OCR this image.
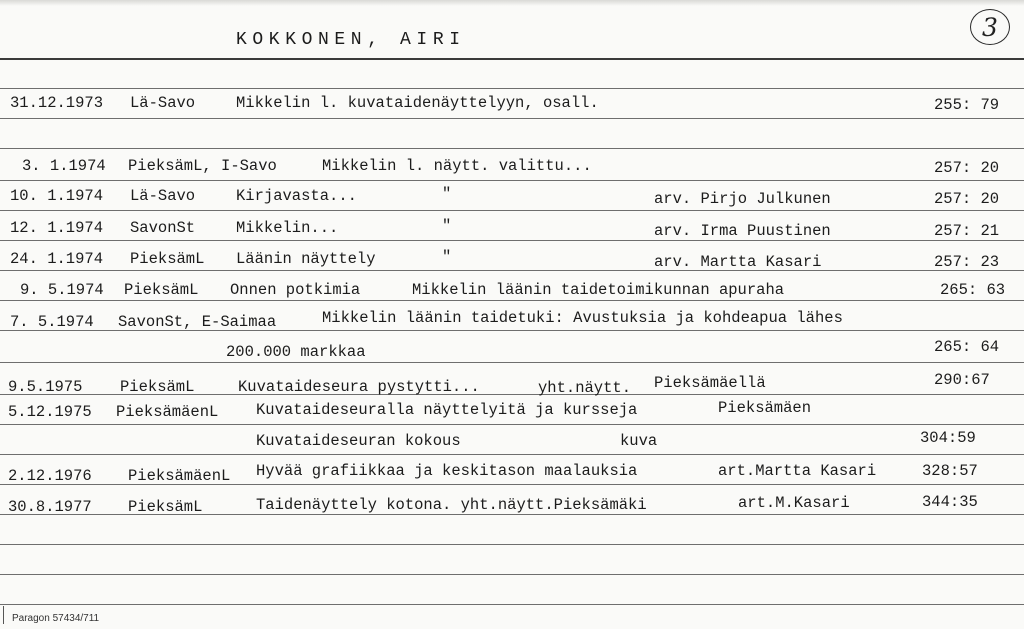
KOKKONEN, AIRI	3
31.12.1973 Lä-Savo	Mikkelin l. kuvataidenäyttelyyn, osall.	255: 79
3. 1.1974 PieksämL, I-Savo	Mikkelin l. näytt. valittu...	257: 20
10. 1.1974 Lä-Savo	Kirjavasta...	"	arv. Pirjo Julkunen	257: 20
12. 1.1974 SavonSt	Mikkelin...	"	arv. Irma Puustinen	257: 21
24. 1.1974 PieksämL Läänin näyttely	"	arv. Martta Kasari	257: 23
9. 5.1974 PieksämL Onnen potkimia	Mikkelin läänin taidetoimikunnan apuraha	265: 63
7. 5.1974 SavonSt, E-Saimaa	Mikkelin läänin taidetuki: Avustuksia ja kohdeapua lähes
200.000 markkaa	265: 64
9.5.1975 PieksämL	Kuvataideseura pystytti...	yht.näytt. Pieksämäellä	290:67
5.12.1975 PieksämäenL Kuvataideseuralla näyttelyitä ja kursseja	Pieksämäen
Kuvataideseuran kokous	kuva	304:59
2.12.1976 PieksämäenL Hyvää grafiikkaa ja keskitason maalauksia	art.Martta Kasari	328:57
30.8.1977 PieksämL	Taidenäyttely kotona. yht.näytt.Pieksämäki	art.M.Kasari	344:35
Paragon 57434/711
